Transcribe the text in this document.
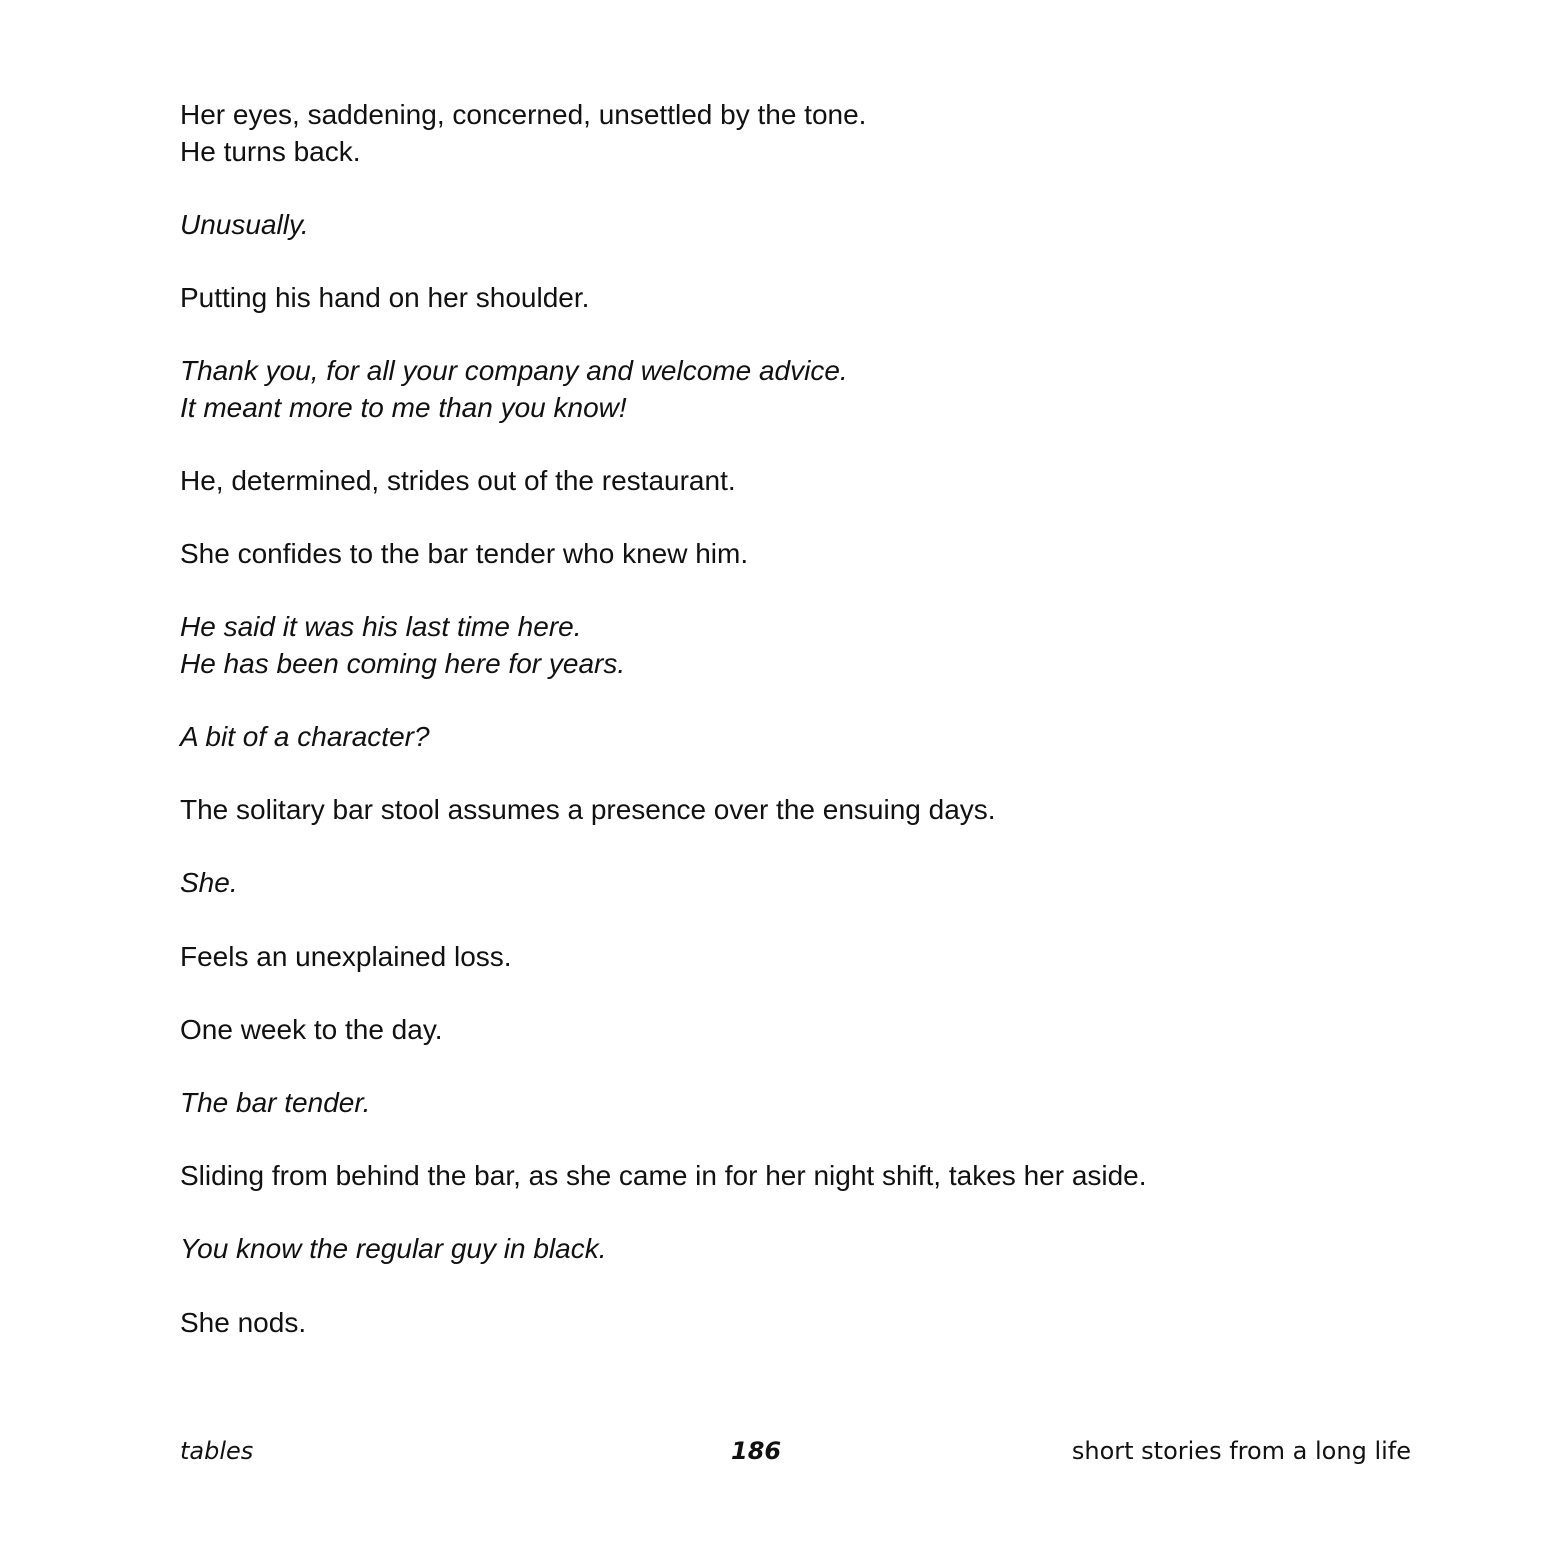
Her eyes, saddening, concerned, unsettled by the tone.

He turns back.

Unusually.

Putting his hand on her shoulder.

Thank you, for all your company and welcome advice.

It meant more to me than you know!

He, determined, strides out of the restaurant.

She confides to the bar tender who knew him.

He said it was his last time here.

He has been coming here for years.

A bit of a character?

The solitary bar stool assumes a presence over the ensuing days.

She.

Feels an unexplained loss.

One week to the day.

The bar tender.

Sliding from behind the bar, as she came in for her night shift, takes her aside.

You know the regular guy in black.

She nods.

tables	186	short stories from a long life
